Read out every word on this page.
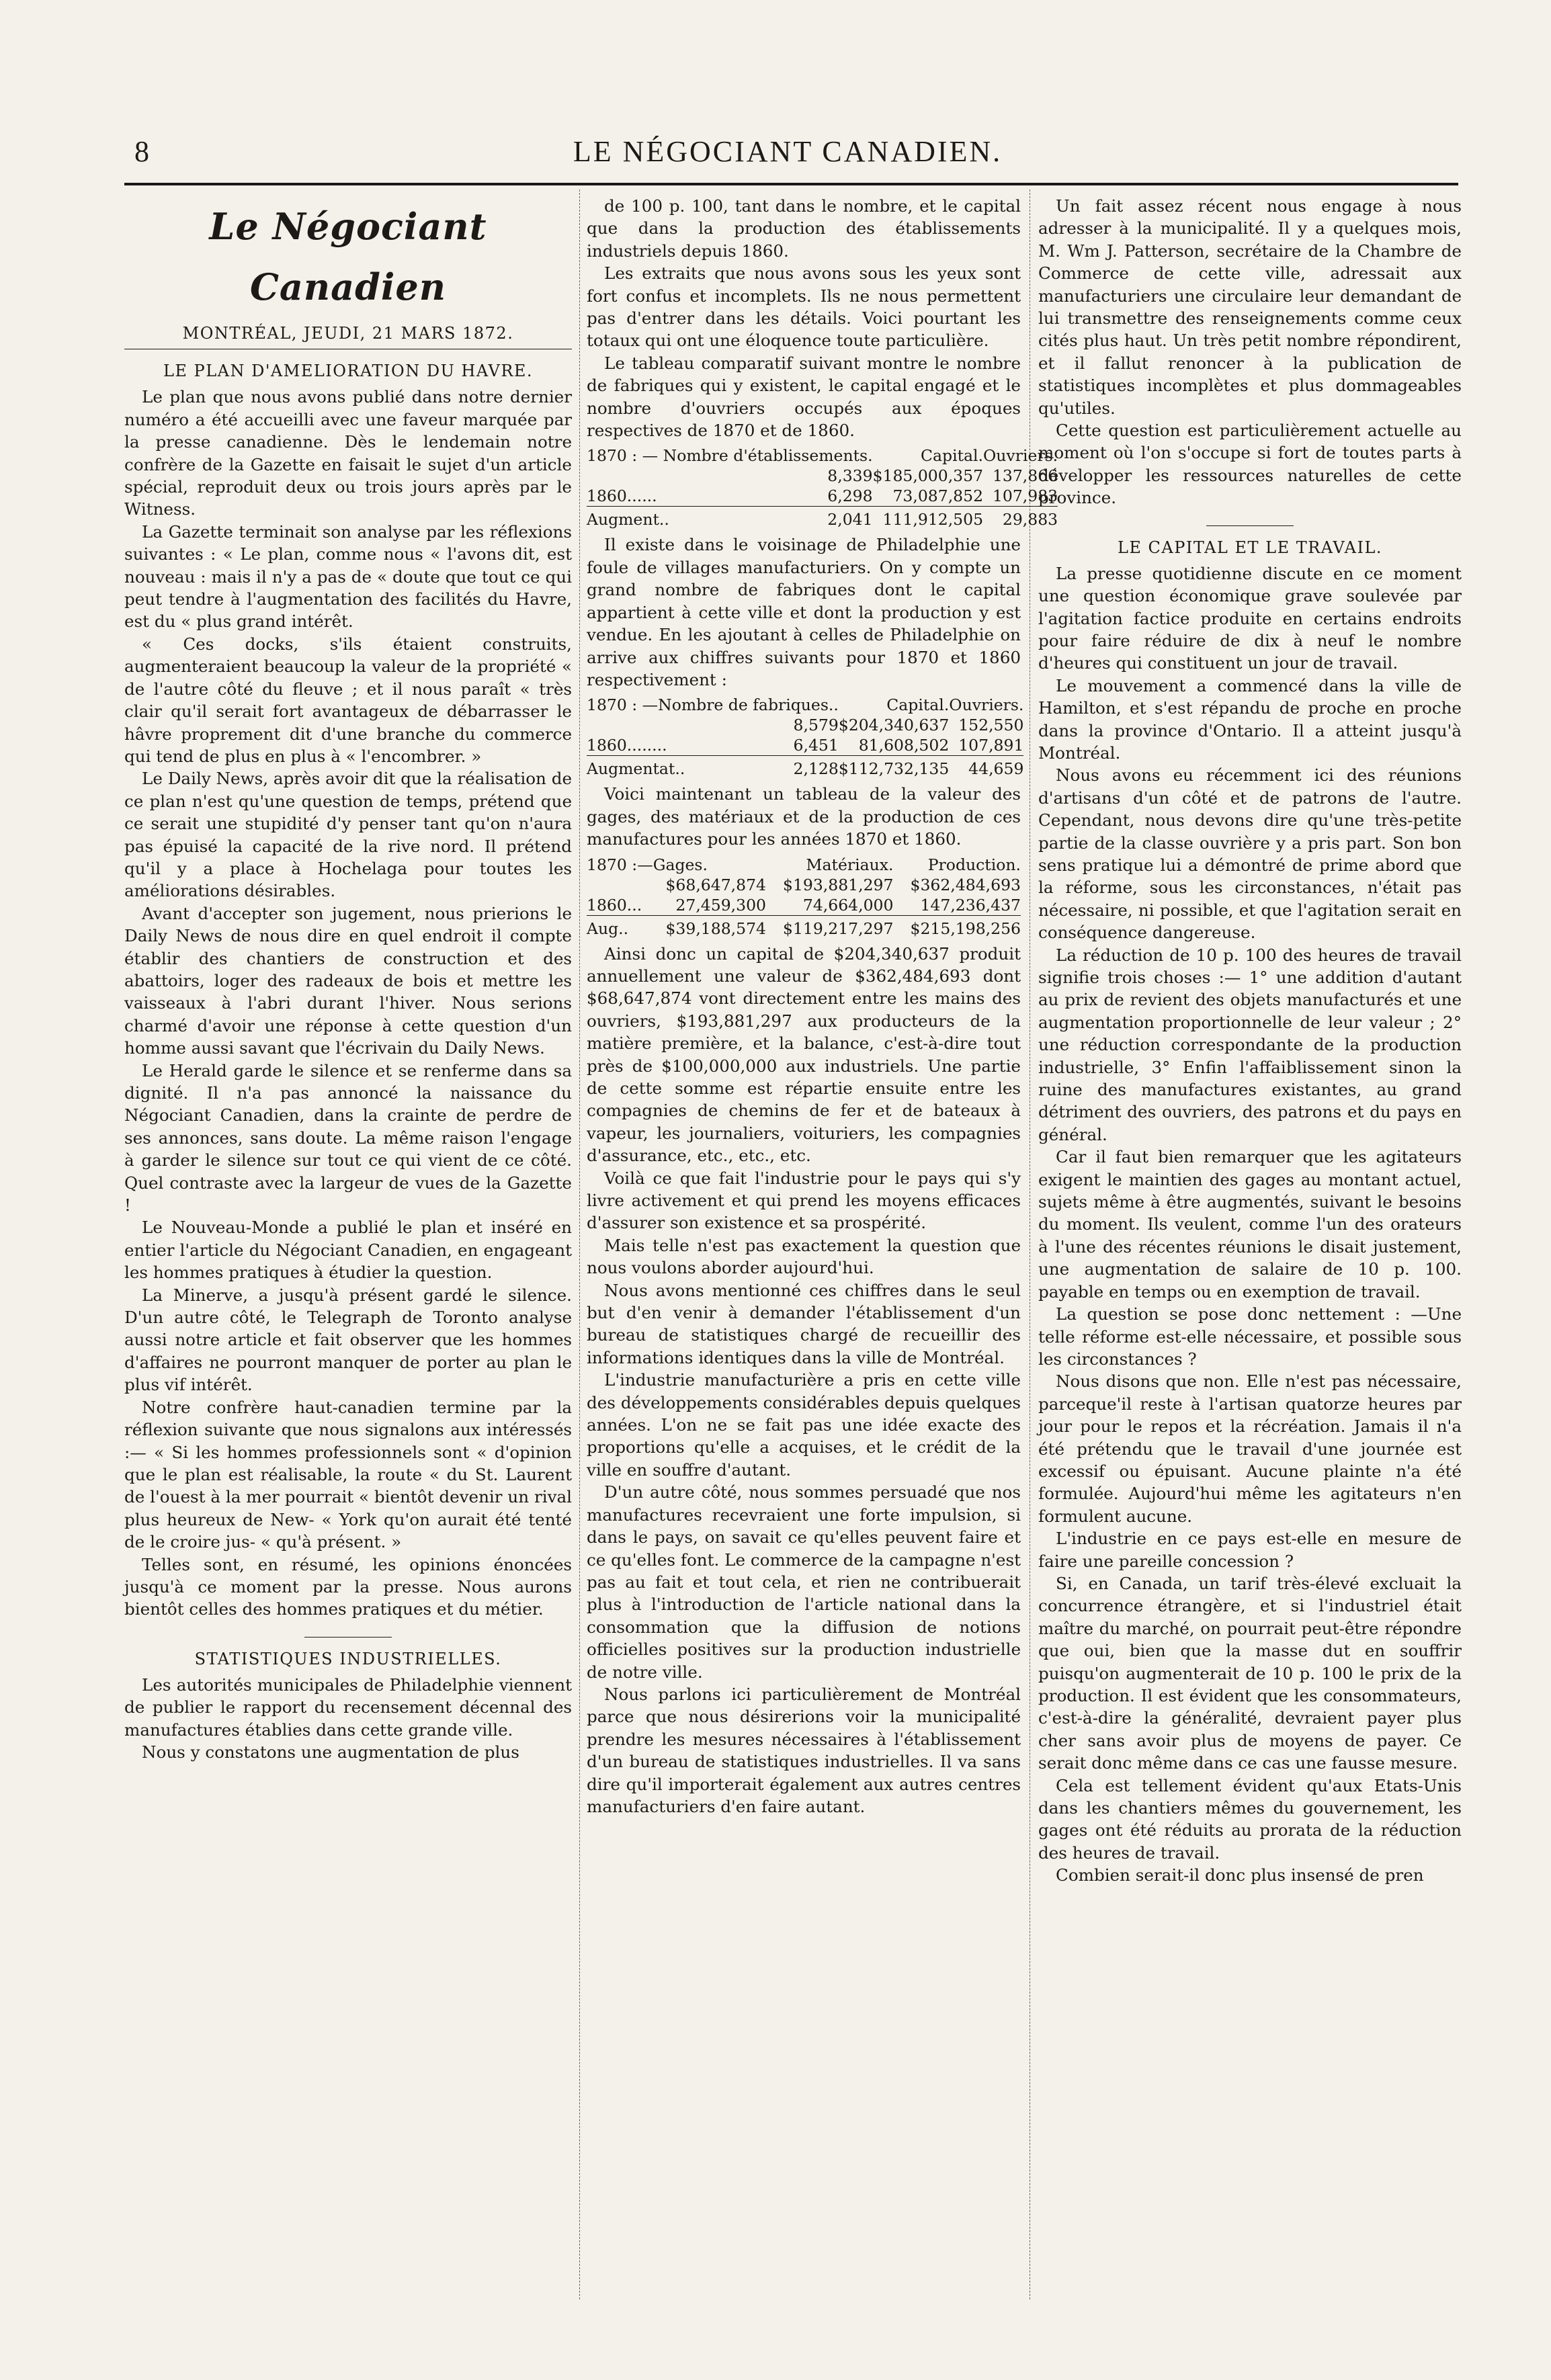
8	LE NÉGOCIANT CANADIEN.
Le Négociant Canadien
MONTRÉAL, JEUDI, 21 MARS 1872.
LE PLAN D'AMELIORATION DU HAVRE.

Le plan que nous avons publié dans notre dernier numéro a été accueilli avec une faveur marquée par la presse canadienne. Dès le lendemain notre confrère de la Gazette en faisait le sujet d'un article spécial, reproduit deux ou trois jours après par le Witness.

La Gazette terminait son analyse par les réflexions suivantes : « Le plan, comme nous « l'avons dit, est nouveau : mais il n'y a pas de « doute que tout ce qui peut tendre à l'augmentation des facilités du Havre, est du « plus grand intérêt.

« Ces docks, s'ils étaient construits, augmenteraient beaucoup la valeur de la propriété « de l'autre côté du fleuve ; et il nous paraît « très clair qu'il serait fort avantageux de débarrasser le hâvre proprement dit d'une branche du commerce qui tend de plus en plus à « l'encombrer. »

Le Daily News, après avoir dit que la réalisation de ce plan n'est qu'une question de temps, prétend que ce serait une stupidité d'y penser tant qu'on n'aura pas épuisé la capacité de la rive nord. Il prétend qu'il y a place à Hochelaga pour toutes les améliorations désirables.

Avant d'accepter son jugement, nous prierions le Daily News de nous dire en quel endroit il compte établir des chantiers de construction et des abattoirs, loger des radeaux de bois et mettre les vaisseaux à l'abri durant l'hiver. Nous serions charmé d'avoir une réponse à cette question d'un homme aussi savant que l'écrivain du Daily News.

Le Herald garde le silence et se renferme dans sa dignité. Il n'a pas annoncé la naissance du Négociant Canadien, dans la crainte de perdre de ses annonces, sans doute. La même raison l'engage à garder le silence sur tout ce qui vient de ce côté. Quel contraste avec la largeur de vues de la Gazette !

Le Nouveau-Monde a publié le plan et inséré en entier l'article du Négociant Canadien, en engageant les hommes pratiques à étudier la question.

La Minerve, a jusqu'à présent gardé le silence. D'un autre côté, le Telegraph de Toronto analyse aussi notre article et fait observer que les hommes d'affaires ne pourront manquer de porter au plan le plus vif intérêt.

Notre confrère haut-canadien termine par la réflexion suivante que nous signalons aux intéressés :— « Si les hommes professionnels sont « d'opinion que le plan est réalisable, la route « du St. Laurent de l'ouest à la mer pourrait « bientôt devenir un rival plus heureux de New- « York qu'on aurait été tenté de le croire jus- « qu'à présent. »

Telles sont, en résumé, les opinions énoncées jusqu'à ce moment par la presse. Nous aurons bientôt celles des hommes pratiques et du métier.

STATISTIQUES INDUSTRIELLES.

Les autorités municipales de Philadelphie viennent de publier le rapport du recensement décennal des manufactures établies dans cette grande ville.

Nous y constatons une augmentation de plus

de 100 p. 100, tant dans le nombre, et le capital que dans la production des établissements industriels depuis 1860.

Les extraits que nous avons sous les yeux sont fort confus et incomplets. Ils ne nous permettent pas d'entrer dans les détails. Voici pourtant les totaux qui ont une éloquence toute particulière.

Le tableau comparatif suivant montre le nombre de fabriques qui y existent, le capital engagé et le nombre d'ouvriers occupés aux époques respectives de 1870 et de 1860.

1870 : — Nombre d'établissements.		Capital.	Ouvriers.
	8,339	$185,000,357	137,866
1860......	6,298	73,087,852	107,983
Augment..	2,041	111,912,505	29,883

Il existe dans le voisinage de Philadelphie une foule de villages manufacturiers. On y compte un grand nombre de fabriques dont le capital appartient à cette ville et dont la production y est vendue. En les ajoutant à celles de Philadelphie on arrive aux chiffres suivants pour 1870 et 1860 respectivement :

1870 : —Nombre de fabriques..		Capital.	Ouvriers.
	8,579	$204,340,637	152,550
1860........	6,451	81,608,502	107,891
Augmentat..	2,128	$112,732,135	44,659

Voici maintenant un tableau de la valeur des gages, des matériaux et de la production de ces manufactures pour les années 1870 et 1860.

1870 :—Gages.		Matériaux.	Production.
	$68,647,874	$193,881,297	$362,484,693
1860...	27,459,300	74,664,000	147,236,437
Aug..	$39,188,574	$119,217,297	$215,198,256

Ainsi donc un capital de $204,340,637 produit annuellement une valeur de $362,484,693 dont $68,647,874 vont directement entre les mains des ouvriers, $193,881,297 aux producteurs de la matière première, et la balance, c'est-à-dire tout près de $100,000,000 aux industriels. Une partie de cette somme est répartie ensuite entre les compagnies de chemins de fer et de bateaux à vapeur, les journaliers, voituriers, les compagnies d'assurance, etc., etc., etc.

Voilà ce que fait l'industrie pour le pays qui s'y livre activement et qui prend les moyens efficaces d'assurer son existence et sa prospérité.

Mais telle n'est pas exactement la question que nous voulons aborder aujourd'hui.

Nous avons mentionné ces chiffres dans le seul but d'en venir à demander l'établissement d'un bureau de statistiques chargé de recueillir des informations identiques dans la ville de Montréal.

L'industrie manufacturière a pris en cette ville des développements considérables depuis quelques années. L'on ne se fait pas une idée exacte des proportions qu'elle a acquises, et le crédit de la ville en souffre d'autant.

D'un autre côté, nous sommes persuadé que nos manufactures recevraient une forte impulsion, si dans le pays, on savait ce qu'elles peuvent faire et ce qu'elles font. Le commerce de la campagne n'est pas au fait et tout cela, et rien ne contribuerait plus à l'introduction de l'article national dans la consommation que la diffusion de notions officielles positives sur la production industrielle de notre ville.

Nous parlons ici particulièrement de Montréal parce que nous désirerions voir la municipalité prendre les mesures nécessaires à l'établissement d'un bureau de statistiques industrielles. Il va sans dire qu'il importerait également aux autres centres manufacturiers d'en faire autant.

Un fait assez récent nous engage à nous adresser à la municipalité. Il y a quelques mois, M. Wm J. Patterson, secrétaire de la Chambre de Commerce de cette ville, adressait aux manufacturiers une circulaire leur demandant de lui transmettre des renseignements comme ceux cités plus haut. Un très petit nombre répondirent, et il fallut renoncer à la publication de statistiques incomplètes et plus dommageables qu'utiles.

Cette question est particulièrement actuelle au moment où l'on s'occupe si fort de toutes parts à développer les ressources naturelles de cette province.

LE CAPITAL ET LE TRAVAIL.

La presse quotidienne discute en ce moment une question économique grave soulevée par l'agitation factice produite en certains endroits pour faire réduire de dix à neuf le nombre d'heures qui constituent un jour de travail.

Le mouvement a commencé dans la ville de Hamilton, et s'est répandu de proche en proche dans la province d'Ontario. Il a atteint jusqu'à Montréal.

Nous avons eu récemment ici des réunions d'artisans d'un côté et de patrons de l'autre. Cependant, nous devons dire qu'une très-petite partie de la classe ouvrière y a pris part. Son bon sens pratique lui a démontré de prime abord que la réforme, sous les circonstances, n'était pas nécessaire, ni possible, et que l'agitation serait en conséquence dangereuse.

La réduction de 10 p. 100 des heures de travail signifie trois choses :— 1° une addition d'autant au prix de revient des objets manufacturés et une augmentation proportionnelle de leur valeur ; 2° une réduction correspondante de la production industrielle, 3° Enfin l'affaiblissement sinon la ruine des manufactures existantes, au grand détriment des ouvriers, des patrons et du pays en général.

Car il faut bien remarquer que les agitateurs exigent le maintien des gages au montant actuel, sujets même à être augmentés, suivant le besoins du moment. Ils veulent, comme l'un des orateurs à l'une des récentes réunions le disait justement, une augmentation de salaire de 10 p. 100. payable en temps ou en exemption de travail.

La question se pose donc nettement : —Une telle réforme est-elle nécessaire, et possible sous les circonstances ?

Nous disons que non. Elle n'est pas nécessaire, parceque'il reste à l'artisan quatorze heures par jour pour le repos et la récréation. Jamais il n'a été prétendu que le travail d'une journée est excessif ou épuisant. Aucune plainte n'a été formulée. Aujourd'hui même les agitateurs n'en formulent aucune.

L'industrie en ce pays est-elle en mesure de faire une pareille concession ?

Si, en Canada, un tarif très-élevé excluait la concurrence étrangère, et si l'industriel était maître du marché, on pourrait peut-être répondre que oui, bien que la masse dut en souffrir puisqu'on augmenterait de 10 p. 100 le prix de la production. Il est évident que les consommateurs, c'est-à-dire la généralité, devraient payer plus cher sans avoir plus de moyens de payer. Ce serait donc même dans ce cas une fausse mesure.

Cela est tellement évident qu'aux Etats-Unis dans les chantiers mêmes du gouvernement, les gages ont été réduits au prorata de la réduction des heures de travail.

Combien serait-il donc plus insensé de pren
